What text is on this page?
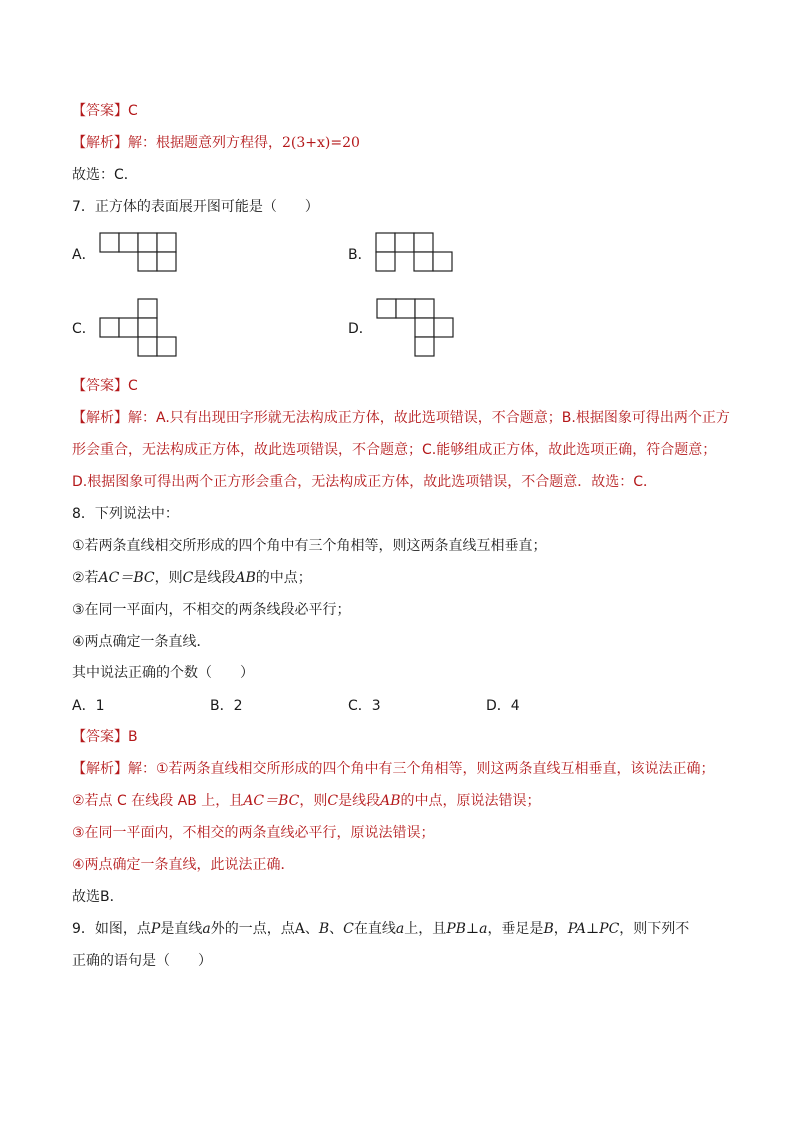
【答案】C
【解析】解：根据题意列方程得，2(3+x)=20
故选：C．
7．正方体的表面展开图可能是（　　）
A．	B．
C．	D．
【答案】C
【解析】解：A.只有出现田字形就无法构成正方体，故此选项错误，不合题意；B.根据图象可得出两个正方
形会重合，无法构成正方体，故此选项错误，不合题意；C.能够组成正方体，故此选项正确，符合题意；
D.根据图象可得出两个正方形会重合，无法构成正方体，故此选项错误，不合题意．故选：C．
8．下列说法中：
①若两条直线相交所形成的四个角中有三个角相等，则这两条直线互相垂直；
②若AC＝BC，则C是线段AB的中点；
③在同一平面内，不相交的两条线段必平行；
④两点确定一条直线．
其中说法正确的个数（　　）
A．1	B．2	C．3	D．4
【答案】B
【解析】解：①若两条直线相交所形成的四个角中有三个角相等，则这两条直线互相垂直，该说法正确；
②若点 C 在线段 AB 上，且AC＝BC，则C是线段AB的中点，原说法错误；
③在同一平面内，不相交的两条直线必平行，原说法错误；
④两点确定一条直线，此说法正确．
故选B．
9．如图，点P是直线a外的一点，点A、B、C在直线a上，且PB⊥a，垂足是B，PA⊥PC，则下列不
正确的语句是（　　）
